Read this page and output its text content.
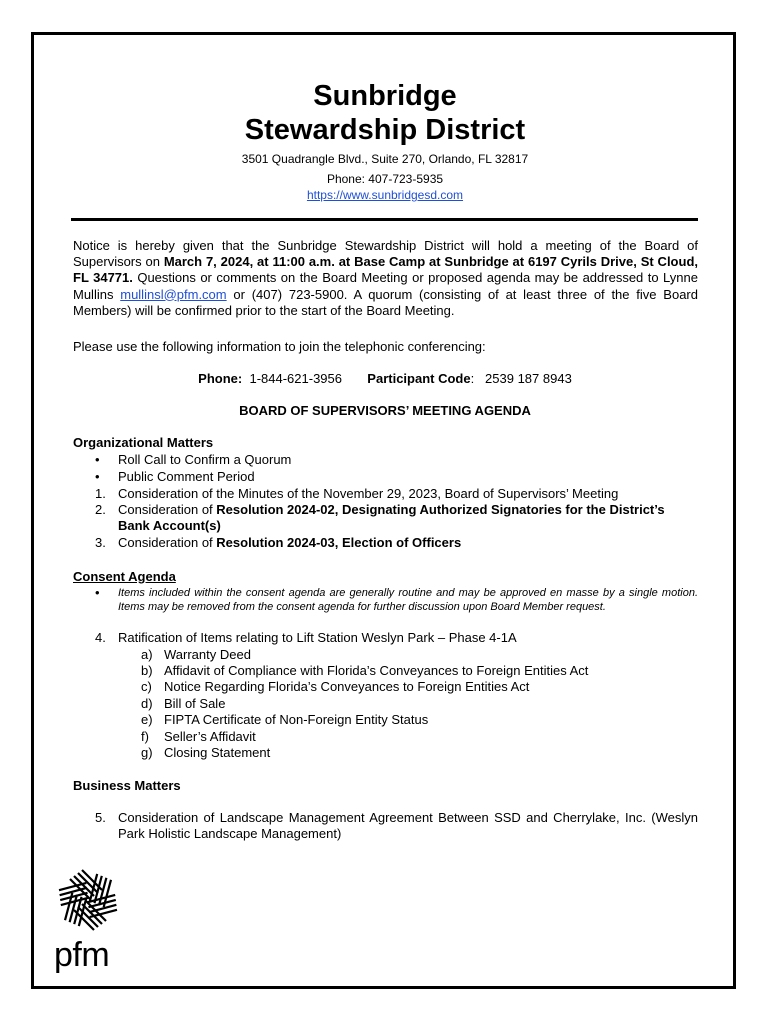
Sunbridge
Stewardship District
3501 Quadrangle Blvd., Suite 270, Orlando, FL 32817
Phone: 407-723-5935
https://www.sunbridgesd.com
Notice is hereby given that the Sunbridge Stewardship District will hold a meeting of the Board of Supervisors on March 7, 2024, at 11:00 a.m. at Base Camp at Sunbridge at 6197 Cyrils Drive, St Cloud, FL 34771. Questions or comments on the Board Meeting or proposed agenda may be addressed to Lynne Mullins mullinsl@pfm.com or (407) 723-5900. A quorum (consisting of at least three of the five Board Members) will be confirmed prior to the start of the Board Meeting.
Please use the following information to join the telephonic conferencing:
Phone: 1-844-621-3956 Participant Code:   2539 187 8943
BOARD OF SUPERVISORS’ MEETING AGENDA
Organizational Matters
• Roll Call to Confirm a Quorum
• Public Comment Period
1. Consideration of the Minutes of the November 29, 2023, Board of Supervisors’ Meeting
2. Consideration of Resolution 2024-02, Designating Authorized Signatories for the District’s Bank Account(s)
3. Consideration of Resolution 2024-03, Election of Officers
Consent Agenda
• Items included within the consent agenda are generally routine and may be approved en masse by a single motion. Items may be removed from the consent agenda for further discussion upon Board Member request.
4. Ratification of Items relating to Lift Station Weslyn Park – Phase 4-1A
a) Warranty Deed
b) Affidavit of Compliance with Florida’s Conveyances to Foreign Entities Act
c) Notice Regarding Florida’s Conveyances to Foreign Entities Act
d) Bill of Sale
e) FIPTA Certificate of Non-Foreign Entity Status
f) Seller’s Affidavit
g) Closing Statement
Business Matters
5. Consideration of Landscape Management Agreement Between SSD and Cherrylake, Inc. (Weslyn Park Holistic Landscape Management)
pfm
